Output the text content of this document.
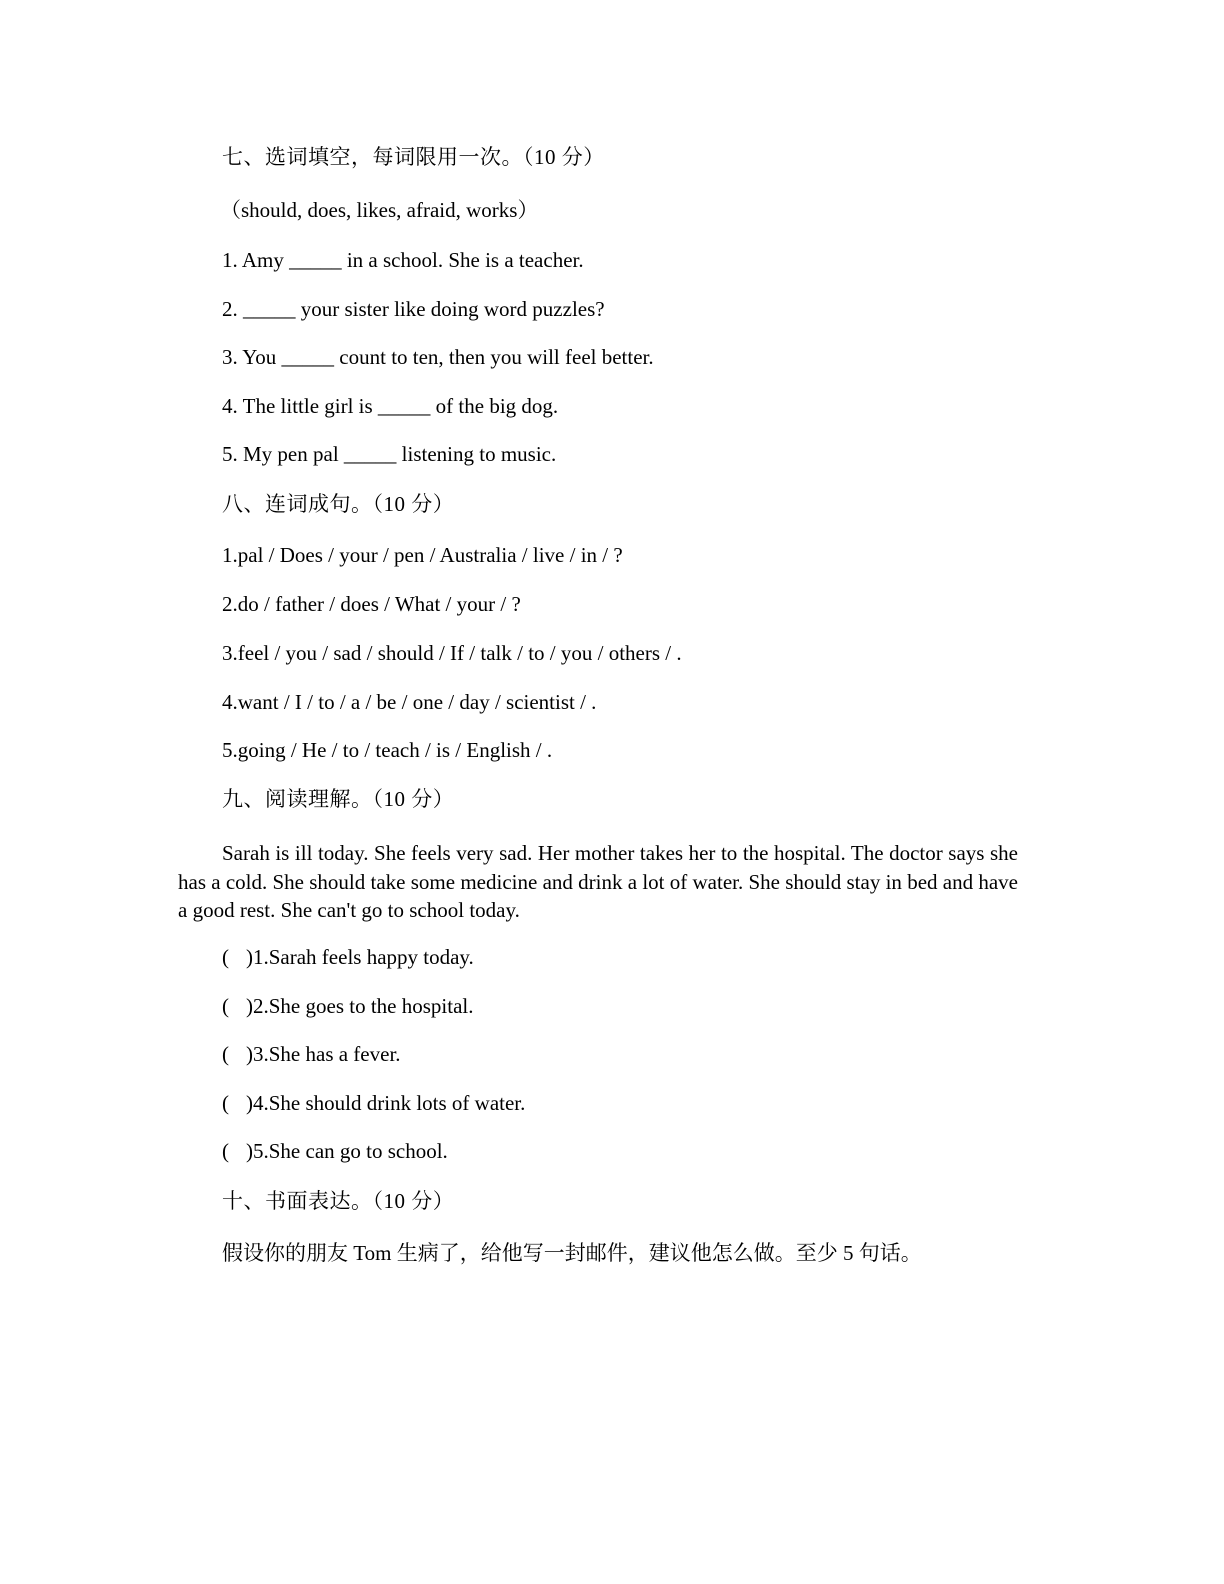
七、选词填空，每词限用一次。（10 分）
（should, does, likes, afraid, works）
1. Amy _____ in a school. She is a teacher.
2. _____ your sister like doing word puzzles?
3. You _____ count to ten, then you will feel better.
4. The little girl is _____ of the big dog.
5. My pen pal _____ listening to music.
八、连词成句。（10 分）
1.pal / Does / your / pen / Australia / live / in / ?
2.do / father / does / What / your / ?
3.feel / you / sad / should / If / talk / to / you / others / .
4.want / I / to / a / be / one / day / scientist / .
5.going / He / to / teach / is / English / .
九、阅读理解。（10 分）
Sarah is ill today. She feels very sad. Her mother takes her to the hospital. The doctor says she has a cold. She should take some medicine and drink a lot of water. She should stay in bed and have a good rest. She can't go to school today.
( )1.Sarah feels happy today.
( )2.She goes to the hospital.
( )3.She has a fever.
( )4.She should drink lots of water.
( )5.She can go to school.
十、书面表达。（10 分）
假设你的朋友 Tom 生病了，给他写一封邮件，建议他怎么做。至少 5 句话。
